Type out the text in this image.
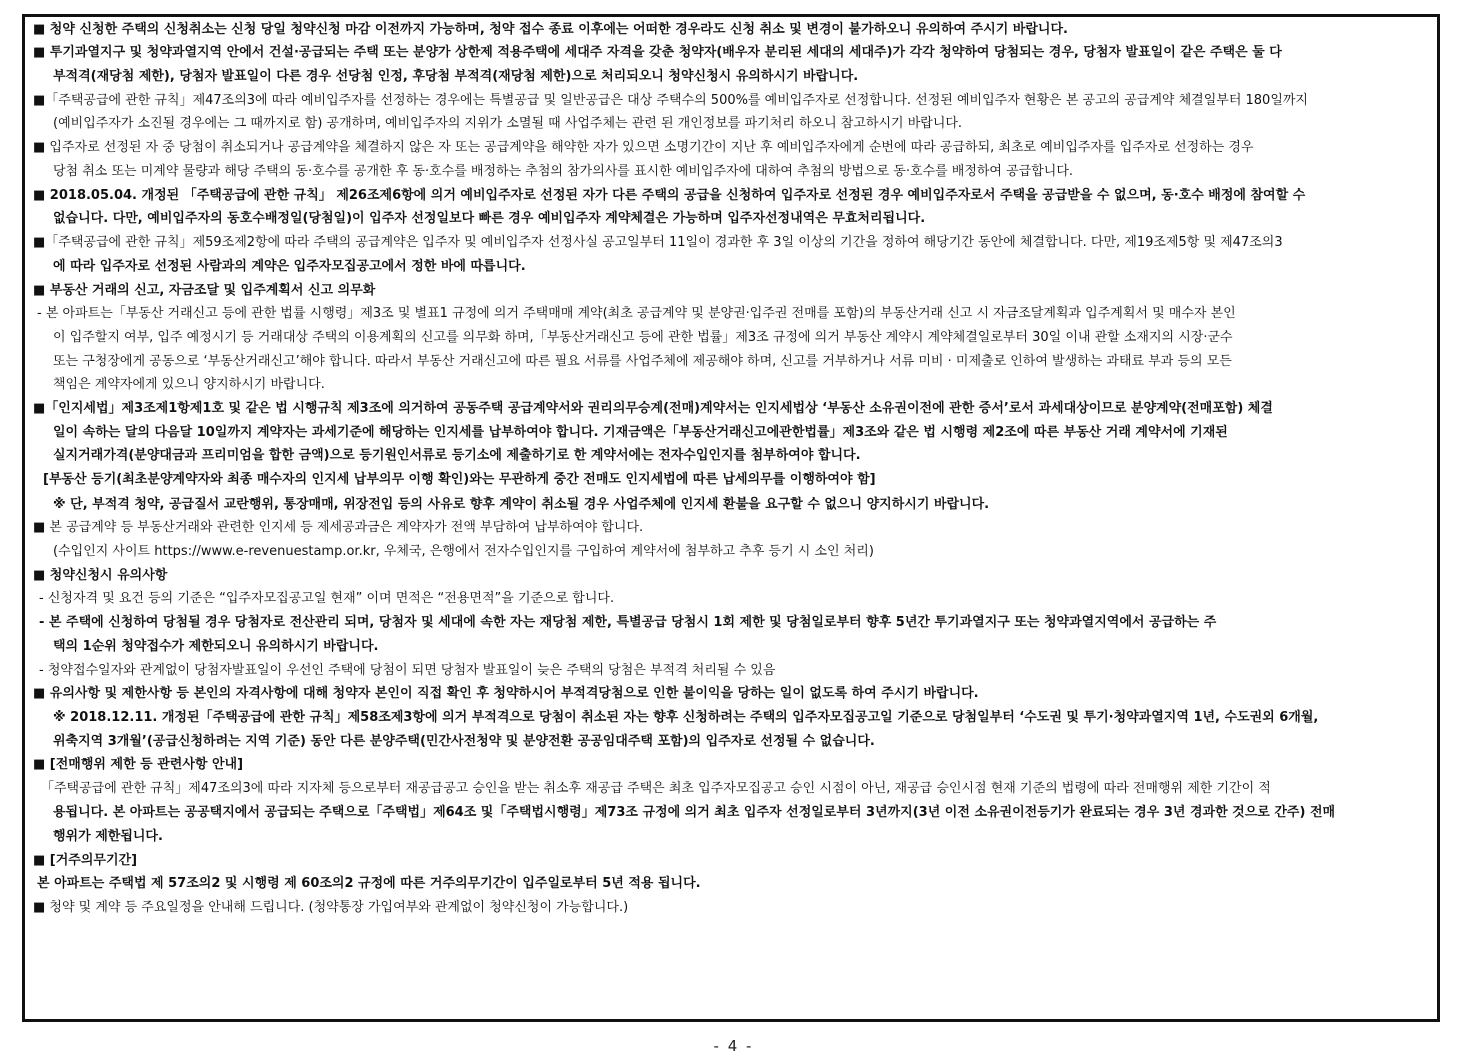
■ 청약 신청한 주택의 신청취소는 신청 당일 청약신청 마감 이전까지 가능하며, 청약 접수 종료 이후에는 어떠한 경우라도 신청 취소 및 변경이 불가하오니 유의하여 주시기 바랍니다.
■ 투기과열지구 및 청약과열지역 안에서 건설·공급되는 주택 또는 분양가 상한제 적용주택에 세대주 자격을 갖춘 청약자(배우자 분리된 세대의 세대주)가 각각 청약하여 당첨되는 경우, 당첨자 발표일이 같은 주택은 둘 다
부적격(재당첨 제한), 당첨자 발표일이 다른 경우 선당첨 인정, 후당첨 부적격(재당첨 제한)으로 처리되오니 청약신청시 유의하시기 바랍니다.
■「주택공급에 관한 규칙」제47조의3에 따라 예비입주자를 선정하는 경우에는 특별공급 및 일반공급은 대상 주택수의 500%를 예비입주자로 선정합니다. 선정된 예비입주자 현황은 본 공고의 공급계약 체결일부터 180일까지
(예비입주자가 소진될 경우에는 그 때까지로 함) 공개하며, 예비입주자의 지위가 소멸될 때 사업주체는 관련 된 개인정보를 파기처리 하오니 참고하시기 바랍니다.
■ 입주자로 선정된 자 중 당첨이 취소되거나 공급계약을 체결하지 않은 자 또는 공급계약을 해약한 자가 있으면 소명기간이 지난 후 예비입주자에게 순번에 따라 공급하되, 최초로 예비입주자를 입주자로 선정하는 경우
당첨 취소 또는 미계약 물량과 해당 주택의 동·호수를 공개한 후 동·호수를 배정하는 추첨의 참가의사를 표시한 예비입주자에 대하여 추첨의 방법으로 동·호수를 배정하여 공급합니다.
■ 2018.05.04. 개정된 「주택공급에 관한 규칙」 제26조제6항에 의거 예비입주자로 선정된 자가 다른 주택의 공급을 신청하여 입주자로 선정된 경우 예비입주자로서 주택을 공급받을 수 없으며, 동·호수 배정에 참여할 수
없습니다. 다만, 예비입주자의 동호수배정일(당첨일)이 입주자 선정일보다 빠른 경우 예비입주자 계약체결은 가능하며 입주자선정내역은 무효처리됩니다.
■「주택공급에 관한 규칙」제59조제2항에 따라 주택의 공급계약은 입주자 및 예비입주자 선정사실 공고일부터 11일이 경과한 후 3일 이상의 기간을 정하여 해당기간 동안에 체결합니다. 다만, 제19조제5항 및 제47조의3
에 따라 입주자로 선정된 사람과의 계약은 입주자모집공고에서 정한 바에 따릅니다.
■ 부동산 거래의 신고, 자금조달 및 입주계획서 신고 의무화
- 본 아파트는「부동산 거래신고 등에 관한 법률 시행령」제3조 및 별표1 규정에 의거 주택매매 계약(최초 공급계약 및 분양권·입주권 전매를 포함)의 부동산거래 신고 시 자금조달계획과 입주계획서 및 매수자 본인
이 입주할지 여부, 입주 예정시기 등 거래대상 주택의 이용계획의 신고를 의무화 하며,「부동산거래신고 등에 관한 법률」제3조 규정에 의거 부동산 계약시 계약체결일로부터 30일 이내 관할 소재지의 시장·군수
또는 구청장에게 공동으로 ‘부동산거래신고’해야 합니다. 따라서 부동산 거래신고에 따른 필요 서류를 사업주체에 제공해야 하며, 신고를 거부하거나 서류 미비 · 미제출로 인하여 발생하는 과태료 부과 등의 모든
책임은 계약자에게 있으니 양지하시기 바랍니다.
■「인지세법」제3조제1항제1호 및 같은 법 시행규칙 제3조에 의거하여 공동주택 공급계약서와 권리의무승계(전매)계약서는 인지세법상 ‘부동산 소유권이전에 관한 증서’로서 과세대상이므로 분양계약(전매포함) 체결
일이 속하는 달의 다음달 10일까지 계약자는 과세기준에 해당하는 인지세를 납부하여야 합니다. 기재금액은「부동산거래신고에관한법률」제3조와 같은 법 시행령 제2조에 따른 부동산 거래 계약서에 기재된
실지거래가격(분양대금과 프리미엄을 합한 금액)으로 등기원인서류로 등기소에 제출하기로 한 계약서에는 전자수입인지를 첨부하여야 합니다.
[부동산 등기(최초분양계약자와 최종 매수자의 인지세 납부의무 이행 확인)와는 무관하게 중간 전매도 인지세법에 따른 납세의무를 이행하여야 함]
※ 단, 부적격 청약, 공급질서 교란행위, 통장매매, 위장전입 등의 사유로 향후 계약이 취소될 경우 사업주체에 인지세 환불을 요구할 수 없으니 양지하시기 바랍니다.
■ 본 공급계약 등 부동산거래와 관련한 인지세 등 제세공과금은 계약자가 전액 부담하여 납부하여야 합니다.
(수입인지 사이트 https://www.e-revenuestamp.or.kr, 우체국, 은행에서 전자수입인지를 구입하여 계약서에 첨부하고 추후 등기 시 소인 처리)
■ 청약신청시 유의사항
- 신청자격 및 요건 등의 기준은 “입주자모집공고일 현재” 이며 면적은 “전용면적”을 기준으로 합니다.
- 본 주택에 신청하여 당첨될 경우 당첨자로 전산관리 되며, 당첨자 및 세대에 속한 자는 재당첨 제한, 특별공급 당첨시 1회 제한 및 당첨일로부터 향후 5년간 투기과열지구 또는 청약과열지역에서 공급하는 주
택의 1순위 청약접수가 제한되오니 유의하시기 바랍니다.
- 청약접수일자와 관계없이 당첨자발표일이 우선인 주택에 당첨이 되면 당첨자 발표일이 늦은 주택의 당첨은 부적격 처리될 수 있음
■ 유의사항 및 제한사항 등 본인의 자격사항에 대해 청약자 본인이 직접 확인 후 청약하시어 부적격당첨으로 인한 불이익을 당하는 일이 없도록 하여 주시기 바랍니다.
※ 2018.12.11. 개정된「주택공급에 관한 규칙」제58조제3항에 의거 부적격으로 당첨이 취소된 자는 향후 신청하려는 주택의 입주자모집공고일 기준으로 당첨일부터 ‘수도권 및 투기·청약과열지역 1년, 수도권외 6개월,
위축지역 3개월’(공급신청하려는 지역 기준) 동안 다른 분양주택(민간사전청약 및 분양전환 공공임대주택 포함)의 입주자로 선정될 수 없습니다.
■ [전매행위 제한 등 관련사항 안내]
「주택공급에 관한 규칙」제47조의3에 따라 지자체 등으로부터 재공급공고 승인을 받는 취소후 재공급 주택은 최초 입주자모집공고 승인 시점이 아닌, 재공급 승인시점 현재 기준의 법령에 따라 전매행위 제한 기간이 적
용됩니다. 본 아파트는 공공택지에서 공급되는 주택으로「주택법」제64조 및「주택법시행령」제73조 규정에 의거 최초 입주자 선정일로부터 3년까지(3년 이전 소유권이전등기가 완료되는 경우 3년 경과한 것으로 간주) 전매
행위가 제한됩니다.
■ [거주의무기간]
본 아파트는 주택법 제 57조의2 및 시행령 제 60조의2 규정에 따른 거주의무기간이 입주일로부터 5년 적용 됩니다.
■ 청약 및 계약 등 주요일정을 안내해 드립니다. (청약통장 가입여부와 관계없이 청약신청이 가능합니다.)
- 4 -
